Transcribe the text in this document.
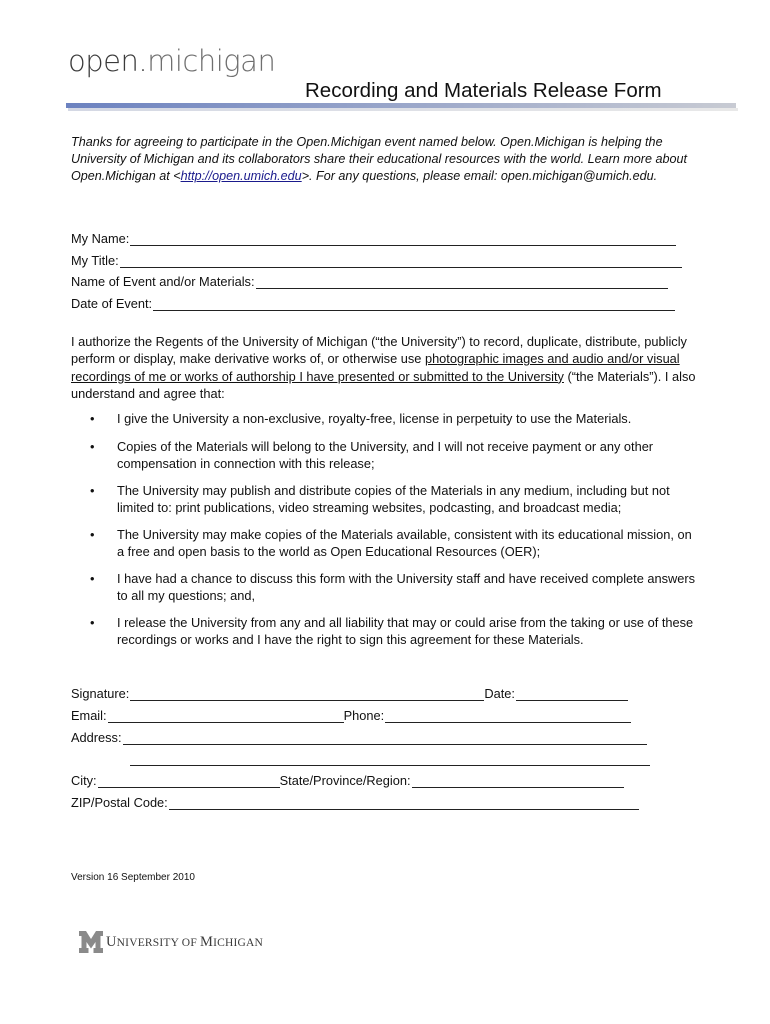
open.michigan
Recording and Materials Release Form
Thanks for agreeing to participate in the Open.Michigan event named below. Open.Michigan is helping the University of Michigan and its collaborators share their educational resources with the world. Learn more about Open.Michigan at <http://open.umich.edu>. For any questions, please email: open.michigan@umich.edu.
My Name:
My Title:
Name of Event and/or Materials:
Date of Event:
I authorize the Regents of the University of Michigan (“the University”) to record, duplicate, distribute, publicly perform or display, make derivative works of, or otherwise use photographic images and audio and/or visual recordings of me or works of authorship I have presented or submitted to the University (“the Materials”). I also understand and agree that:
•	I give the University a non-exclusive, royalty-free, license in perpetuity to use the Materials.
•	Copies of the Materials will belong to the University, and I will not receive payment or any other compensation in connection with this release;
•	The University may publish and distribute copies of the Materials in any medium, including but not limited to: print publications, video streaming websites, podcasting, and broadcast media;
•	The University may make copies of the Materials available, consistent with its educational mission, on a free and open basis to the world as Open Educational Resources (OER);
•	I have had a chance to discuss this form with the University staff and have received complete answers to all my questions; and,
•	I release the University from any and all liability that may or could arise from the taking or use of these recordings or works and I have the right to sign this agreement for these Materials.
Signature:	Date:
Email:	Phone:
Address:
City:	State/Province/Region:
ZIP/Postal Code:
Version 16 September 2010
UNIVERSITY OF MICHIGAN
